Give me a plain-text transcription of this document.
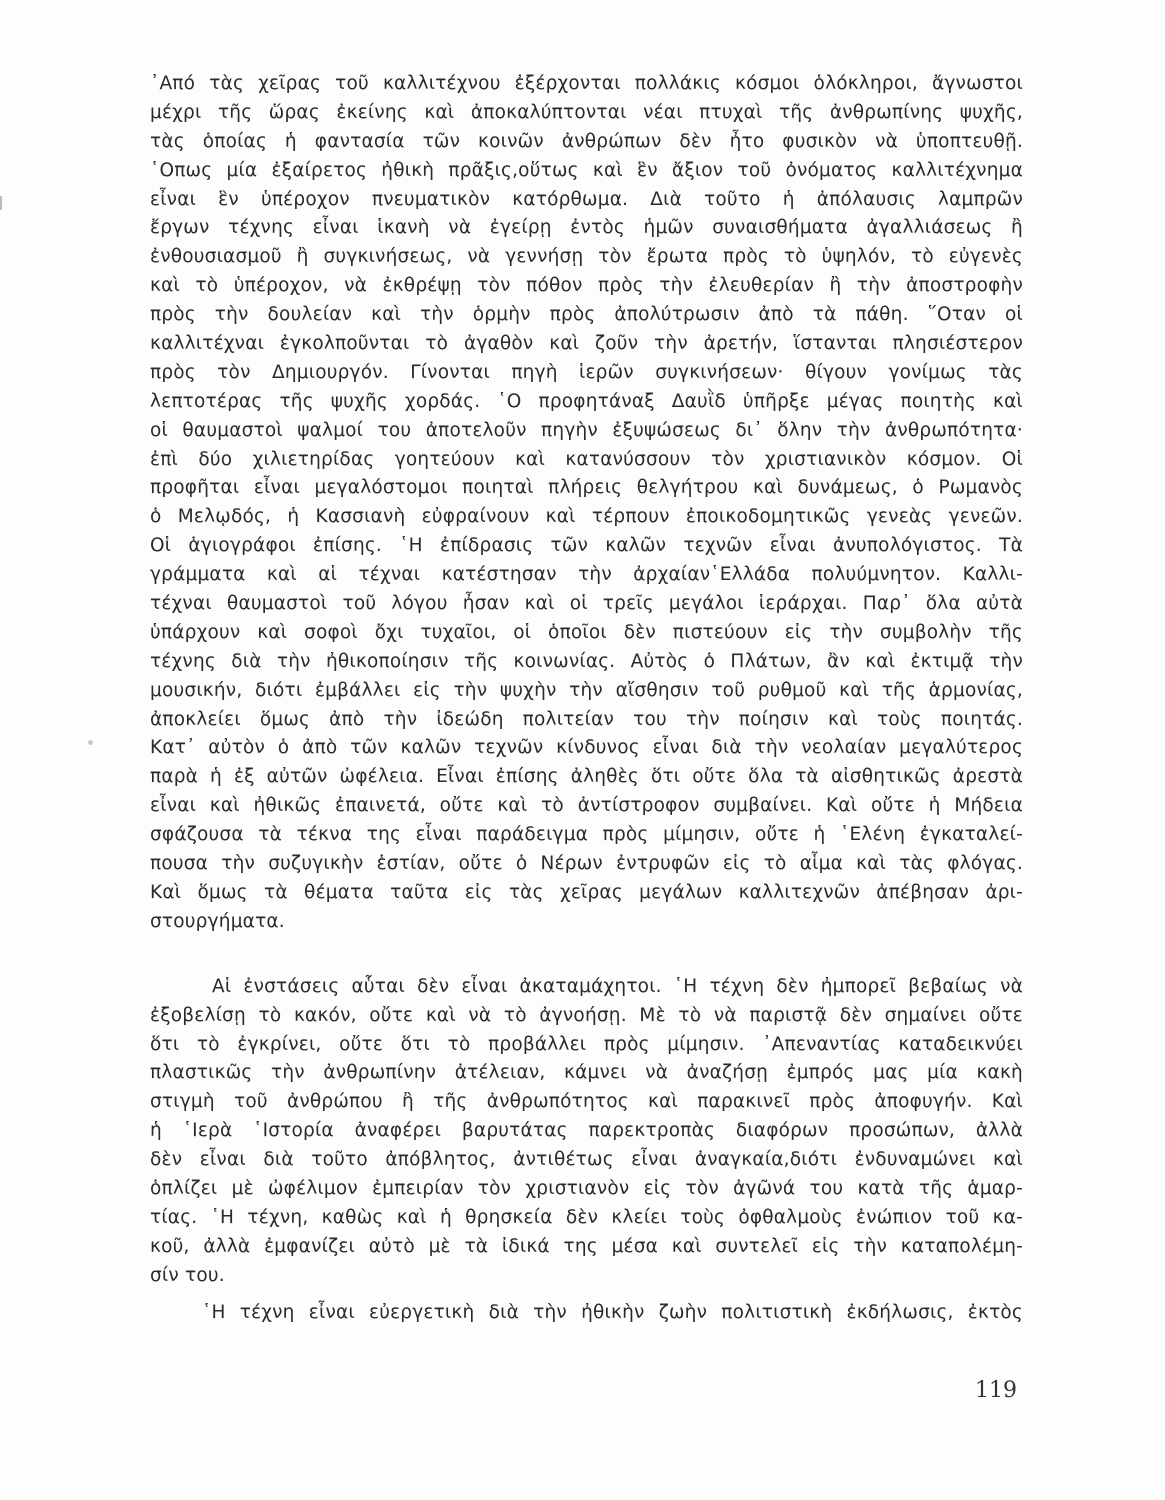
᾿Από τὰς χεῖρας τοῦ καλλιτέχνου ἐξέρχονται πολλάκις κόσμοι ὁλόκληροι, ἄγνωστοι
μέχρι τῆς ὥρας ἐκείνης καὶ ἀποκαλύπτονται νέαι πτυχαὶ τῆς ἀνθρωπίνης ψυχῆς,
τὰς ὁποίας ἡ φαντασία τῶν κοινῶν ἀνθρώπων δὲν ἦτο φυσικὸν νὰ ὑποπτευθῇ.
῾Οπως μία ἐξαίρετος ἠθικὴ πρᾶξις,οὕτως καὶ ἓν ἄξιον τοῦ ὀνόματος καλλιτέχνημα
εἶναι ἓν ὑπέροχον πνευματικὸν κατόρθωμα. Διὰ τοῦτο ἡ ἀπόλαυσις λαμπρῶν
ἔργων τέχνης εἶναι ἱκανὴ νὰ ἐγείρῃ ἐντὸς ἡμῶν συναισθήματα ἀγαλλιάσεως ἢ
ἐνθουσιασμοῦ ἢ συγκινήσεως, νὰ γεννήσῃ τὸν ἔρωτα πρὸς τὸ ὑψηλόν, τὸ εὐγενὲς
καὶ τὸ ὑπέροχον, νὰ ἐκθρέψῃ τὸν πόθον πρὸς τὴν ἐλευθερίαν ἢ τὴν ἀποστροφὴν
πρὸς τὴν δουλείαν καὶ τὴν ὁρμὴν πρὸς ἀπολύτρωσιν ἀπὸ τὰ πάθη. ῞Οταν οἱ
καλλιτέχναι ἐγκολποῦνται τὸ ἀγαθὸν καὶ ζοῦν τὴν ἀρετήν, ἵστανται πλησιέστερον
πρὸς τὸν Δημιουργόν. Γίνονται πηγὴ ἱερῶν συγκινήσεων· θίγουν γονίμως τὰς
λεπτοτέρας τῆς ψυχῆς χορδάς. ῾Ο προφητάναξ Δαυῒδ ὑπῆρξε μέγας ποιητὴς καὶ
οἱ θαυμαστοὶ ψαλμοί του ἀποτελοῦν πηγὴν ἐξυψώσεως δι᾿ ὅλην τὴν ἀνθρωπότητα·
ἐπὶ δύο χιλιετηρίδας γοητεύουν καὶ κατανύσσουν τὸν χριστιανικὸν κόσμον. Οἱ
προφῆται εἶναι μεγαλόστομοι ποιηταὶ πλήρεις θελγήτρου καὶ δυνάμεως, ὁ Ρωμανὸς
ὁ Μελῳδός, ἡ Κασσιανὴ εὐφραίνουν καὶ τέρπουν ἐποικοδομητικῶς γενεὰς γενεῶν.
Οἱ ἁγιογράφοι ἐπίσης. ῾Η ἐπίδρασις τῶν καλῶν τεχνῶν εἶναι ἀνυπολόγιστος. Τὰ
γράμματα καὶ αἱ τέχναι κατέστησαν τὴν ἀρχαίαν῾Ελλάδα πολυύμνητον. Καλλι-
τέχναι θαυμαστοὶ τοῦ λόγου ἦσαν καὶ οἱ τρεῖς μεγάλοι ἱεράρχαι. Παρ᾿ ὅλα αὐτὰ
ὑπάρχουν καὶ σοφοὶ ὄχι τυχαῖοι, οἱ ὁποῖοι δὲν πιστεύουν εἰς τὴν συμβολὴν τῆς
τέχνης διὰ τὴν ἠθικοποίησιν τῆς κοινωνίας. Αὐτὸς ὁ Πλάτων, ἂν καὶ ἐκτιμᾷ τὴν
μουσικήν, διότι ἐμβάλλει εἰς τὴν ψυχὴν τὴν αἴσθησιν τοῦ ρυθμοῦ καὶ τῆς ἁρμονίας,
ἀποκλείει ὅμως ἀπὸ τὴν ἰδεώδη πολιτείαν του τὴν ποίησιν καὶ τοὺς ποιητάς.
Κατ᾿ αὐτὸν ὁ ἀπὸ τῶν καλῶν τεχνῶν κίνδυνος εἶναι διὰ τὴν νεολαίαν μεγαλύτερος
παρὰ ἡ ἐξ αὐτῶν ὠφέλεια. Εἶναι ἐπίσης ἀληθὲς ὅτι οὔτε ὅλα τὰ αἰσθητικῶς ἀρεστὰ
εἶναι καὶ ἠθικῶς ἐπαινετά, οὔτε καὶ τὸ ἀντίστροφον συμβαίνει. Καὶ οὔτε ἡ Μήδεια
σφάζουσα τὰ τέκνα της εἶναι παράδειγμα πρὸς μίμησιν, οὔτε ἡ ῾Ελένη ἐγκαταλεί-
πουσα τὴν συζυγικὴν ἑστίαν, οὔτε ὁ Νέρων ἐντρυφῶν εἰς τὸ αἷμα καὶ τὰς φλόγας.
Καὶ ὅμως τὰ θέματα ταῦτα εἰς τὰς χεῖρας μεγάλων καλλιτεχνῶν ἀπέβησαν ἀρι-
στουργήματα.
Αἱ ἐνστάσεις αὗται δὲν εἶναι ἀκαταμάχητοι. ῾Η τέχνη δὲν ἠμπορεῖ βεβαίως νὰ
ἐξοβελίσῃ τὸ κακόν, οὔτε καὶ νὰ τὸ ἀγνοήσῃ. Μὲ τὸ νὰ παριστᾷ δὲν σημαίνει οὔτε
ὅτι τὸ ἐγκρίνει, οὔτε ὅτι τὸ προβάλλει πρὸς μίμησιν. ᾿Απεναντίας καταδεικνύει
πλαστικῶς τὴν ἀνθρωπίνην ἀτέλειαν, κάμνει νὰ ἀναζήσῃ ἐμπρός μας μία κακὴ
στιγμὴ τοῦ ἀνθρώπου ἢ τῆς ἀνθρωπότητος καὶ παρακινεῖ πρὸς ἀποφυγήν. Καὶ
ἡ ῾Ιερὰ ῾Ιστορία ἀναφέρει βαρυτάτας παρεκτροπὰς διαφόρων προσώπων, ἀλλὰ
δὲν εἶναι διὰ τοῦτο ἀπόβλητος, ἀντιθέτως εἶναι ἀναγκαία,διότι ἐνδυναμώνει καὶ
ὁπλίζει μὲ ὠφέλιμον ἐμπειρίαν τὸν χριστιανὸν εἰς τὸν ἀγῶνά του κατὰ τῆς ἁμαρ-
τίας. ῾Η τέχνη, καθὼς καὶ ἡ θρησκεία δὲν κλείει τοὺς ὀφθαλμοὺς ἐνώπιον τοῦ κα-
κοῦ, ἀλλὰ ἐμφανίζει αὐτὸ μὲ τὰ ἰδικά της μέσα καὶ συντελεῖ εἰς τὴν καταπολέμη-
σίν του.
῾Η τέχνη εἶναι εὐεργετικὴ διὰ τὴν ἠθικὴν ζωὴν πολιτιστικὴ ἐκδήλωσις, ἐκτὸς
119
